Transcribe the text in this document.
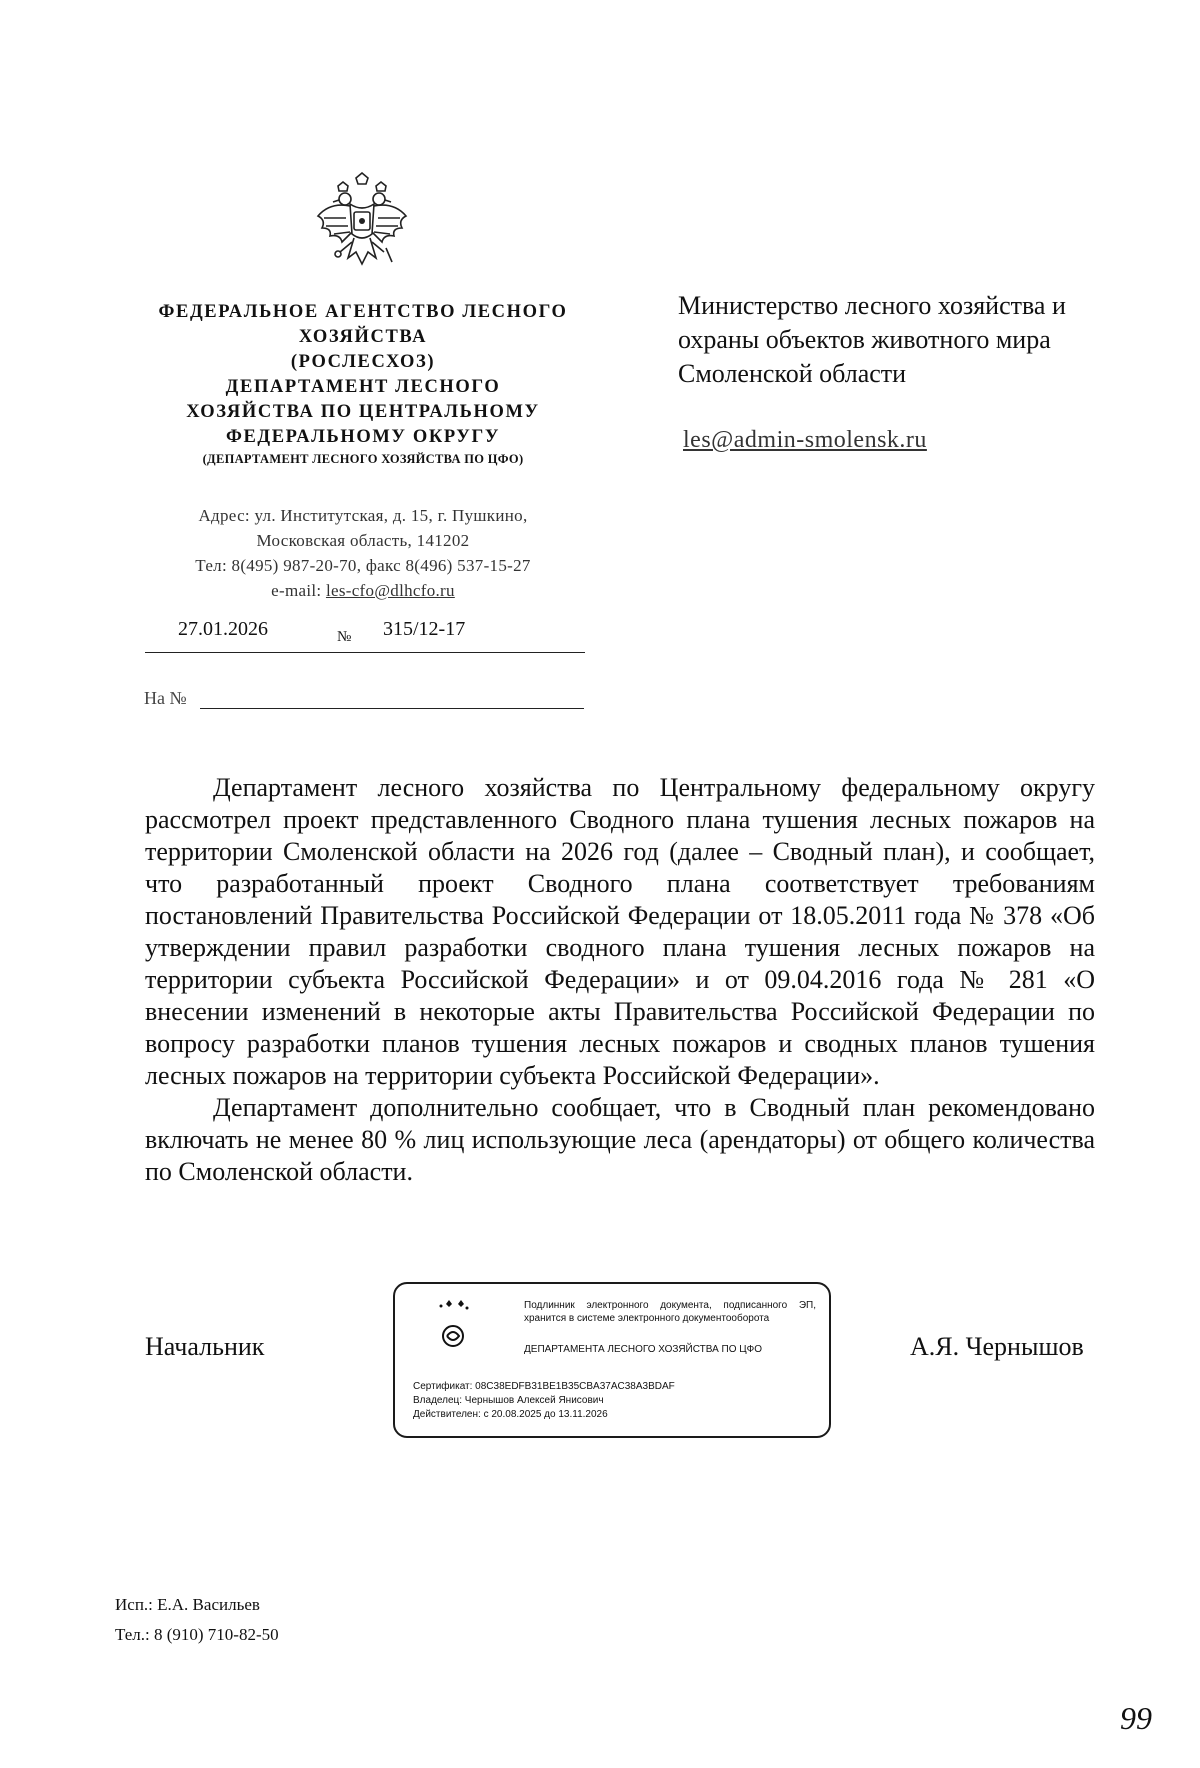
ФЕДЕРАЛЬНОЕ АГЕНТСТВО ЛЕСНОГО
ХОЗЯЙСТВА
(РОСЛЕСХОЗ)
ДЕПАРТАМЕНТ ЛЕСНОГО
ХОЗЯЙСТВА ПО ЦЕНТРАЛЬНОМУ
ФЕДЕРАЛЬНОМУ ОКРУГУ
(ДЕПАРТАМЕНТ ЛЕСНОГО ХОЗЯЙСТВА ПО ЦФО)
Адрес: ул. Институтская, д. 15, г. Пушкино,
Московская область, 141202
Тел: 8(495) 987-20-70, факс 8(496) 537-15-27
e-mail: les-cfo@dlhcfo.ru
27.01.2026	№ 315/12-17
На №
Министерство лесного хозяйства и
охраны объектов животного мира
Смоленской области
les@admin-smolensk.ru

Департамент лесного хозяйства по Центральному федеральному округу рассмотрел проект представленного Сводного плана тушения лесных пожаров на территории Смоленской области на 2026 год (далее – Сводный план), и сообщает, что разработанный проект Сводного плана соответствует требованиям постановлений Правительства Российской Федерации от 18.05.2011 года № 378 «Об утверждении правил разработки сводного плана тушения лесных пожаров на территории субъекта Российской Федерации» и от 09.04.2016 года № 281 «О внесении изменений в некоторые акты Правительства Российской Федерации по вопросу разработки планов тушения лесных пожаров и сводных планов тушения лесных пожаров на территории субъекта Российской Федерации».

Департамент дополнительно сообщает, что в Сводный план рекомендовано включать не менее 80 % лиц использующие леса (арендаторы) от общего количества по Смоленской области.

Начальник
Подлинник электронного документа, подписанного ЭП, хранится в системе электронного документооборота
ДЕПАРТАМЕНТА ЛЕСНОГО ХОЗЯЙСТВА ПО ЦФО
Сертификат: 08C38EDFB31BE1B35CBA37AC38A3BDAF
Владелец: Чернышов Алексей Янисович
Действителен: с 20.08.2025 до 13.11.2026
А.Я. Чернышов
Исп.: Е.А. Васильев
Тел.: 8 (910) 710-82-50
99
